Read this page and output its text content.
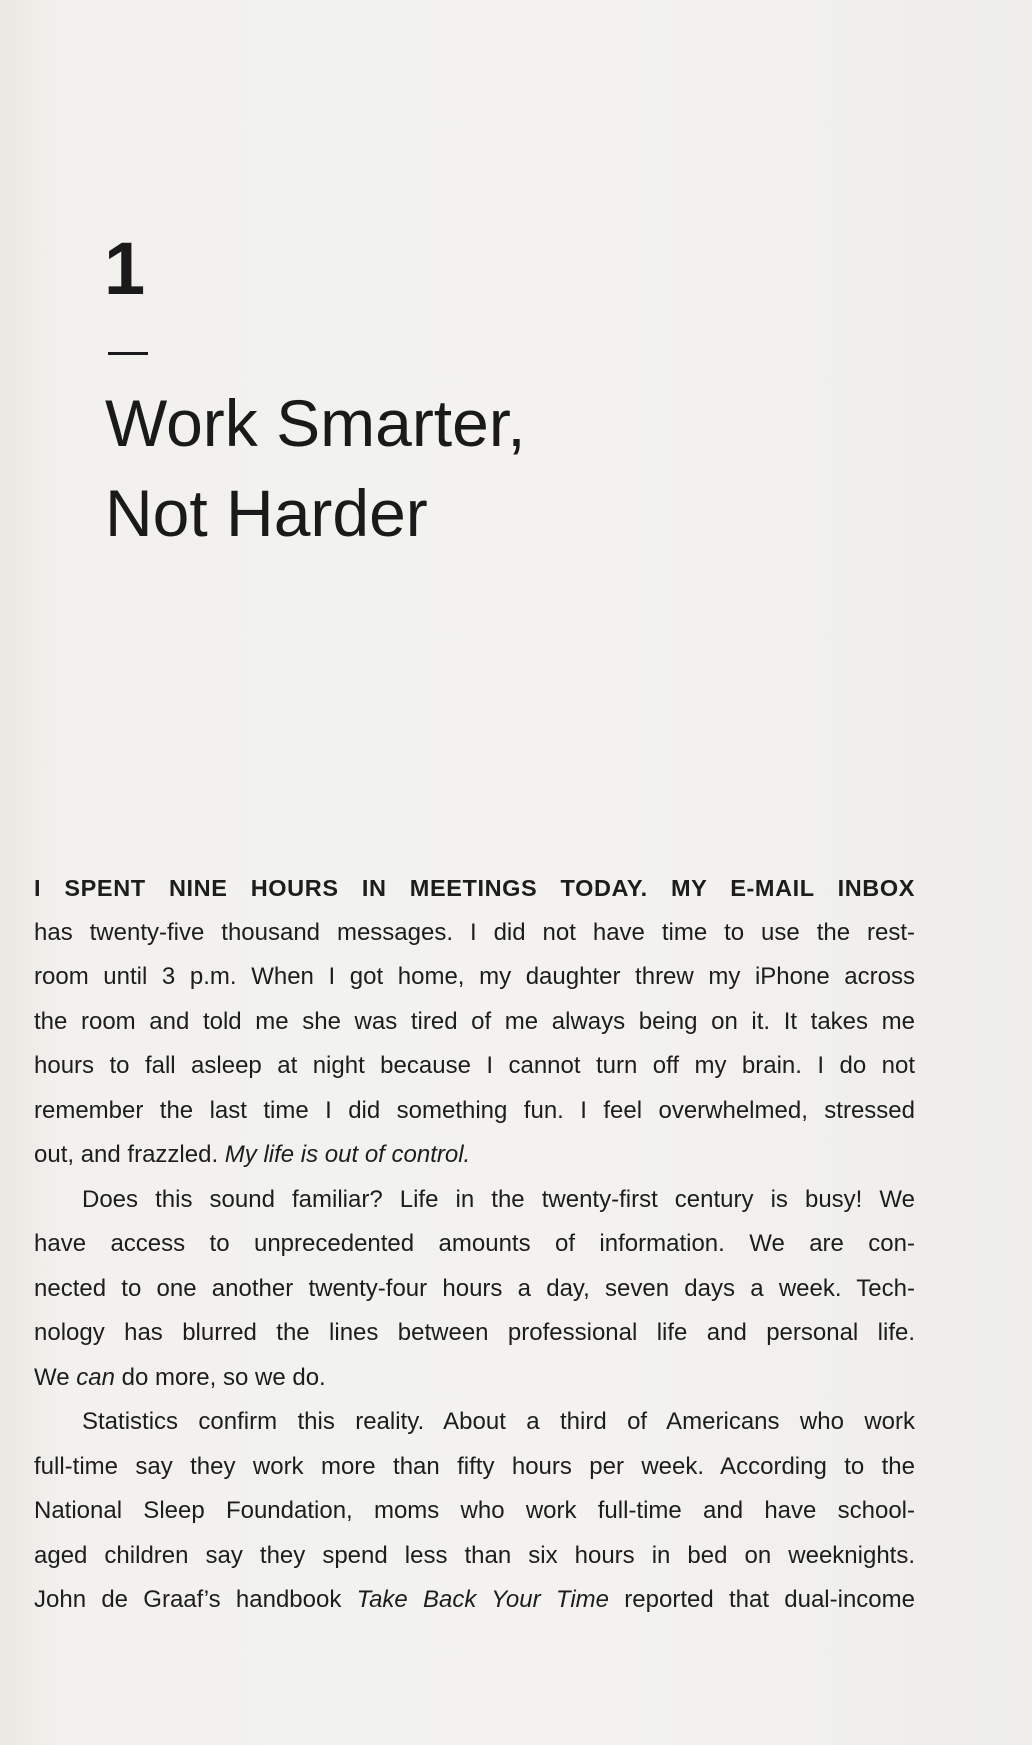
1
Work Smarter,
Not Harder
I SPENT NINE HOURS IN MEETINGS TODAY. MY E-MAIL INBOX
has twenty-five thousand messages. I did not have time to use the rest-
room until 3 p.m. When I got home, my daughter threw my iPhone across
the room and told me she was tired of me always being on it. It takes me
hours to fall asleep at night because I cannot turn off my brain. I do not
remember the last time I did something fun. I feel overwhelmed, stressed
out, and frazzled. My life is out of control.
Does this sound familiar? Life in the twenty-first century is busy! We
have access to unprecedented amounts of information. We are con-
nected to one another twenty-four hours a day, seven days a week. Tech-
nology has blurred the lines between professional life and personal life.
We can do more, so we do.
Statistics confirm this reality. About a third of Americans who work
full-time say they work more than fifty hours per week. According to the
National Sleep Foundation, moms who work full-time and have school-
aged children say they spend less than six hours in bed on weeknights.
John de Graaf’s handbook Take Back Your Time reported that dual-income
